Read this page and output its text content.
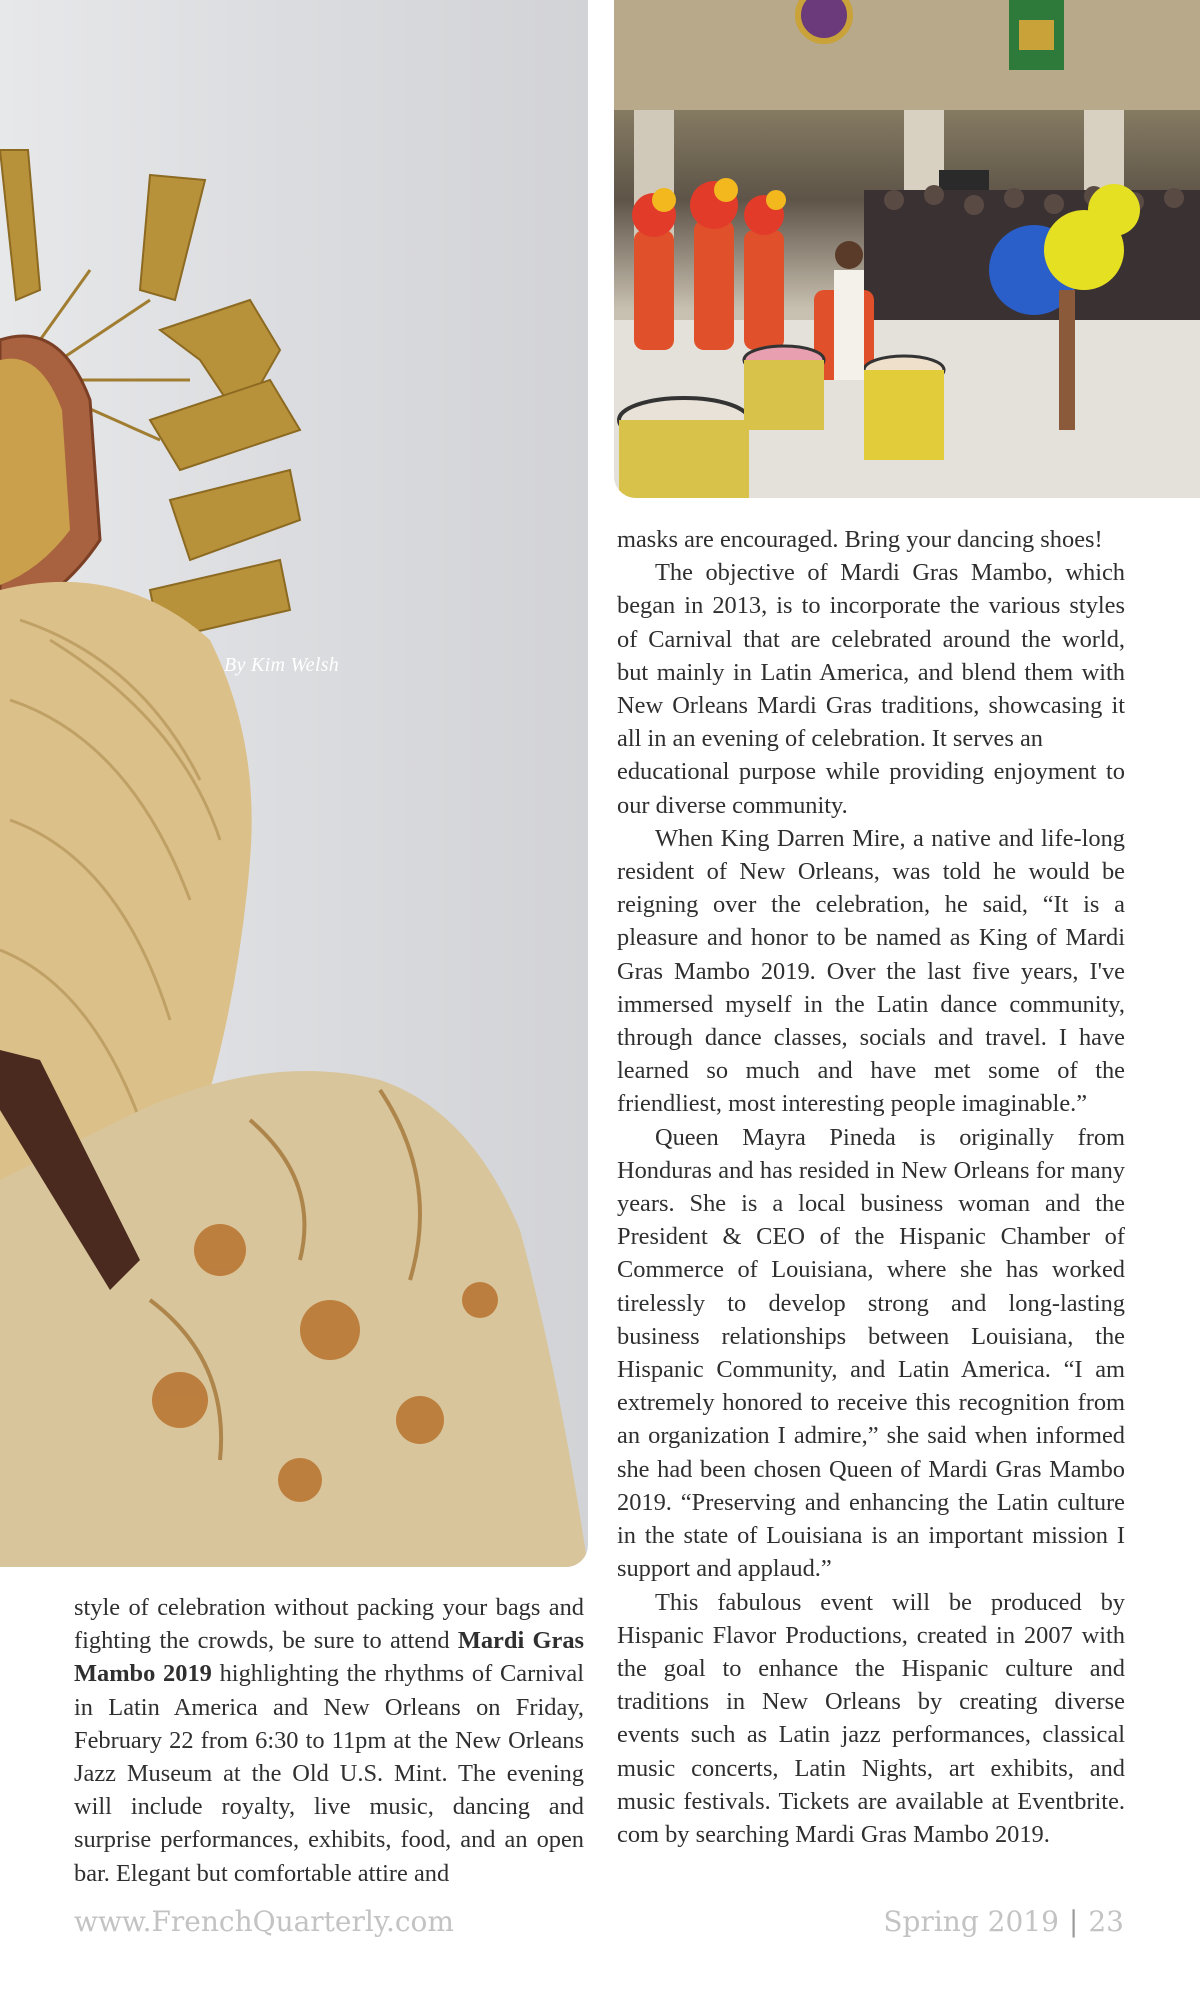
By Kim Welsh

style of celebration without packing your bags and fighting the crowds, be sure to attend Mardi Gras Mambo 2019 highlighting the rhythms of Carnival in Latin America and New Orleans on Friday, February 22 from 6:30 to 11pm at the New Orleans Jazz Museum at the Old U.S. Mint. The evening will include royalty, live music, dancing and surprise performances, exhibits, food, and an open bar. Elegant but comfortable attire and

masks are encouraged. Bring your dancing shoes!

The objective of Mardi Gras Mambo, which began in 2013, is to incorporate the various styles of Carnival that are celebrated around the world, but mainly in Latin America, and blend them with New Orleans Mardi Gras traditions, showcasing it all in an evening of celebration. It serves an

educational purpose while providing enjoyment to our diverse community.

When King Darren Mire, a native and life-long resident of New Orleans, was told he would be reigning over the celebration, he said, “It is a pleasure and honor to be named as King of Mardi Gras Mambo 2019. Over the last five years, I've immersed myself in the Latin dance community, through dance classes, socials and travel. I have learned so much and have met some of the friendliest, most interesting people imaginable.”

Queen Mayra Pineda is originally from Honduras and has resided in New Orleans for many years. She is a local business woman and the President & CEO of the Hispanic Chamber of Commerce of Louisiana, where she has worked tirelessly to develop strong and long-lasting business relationships between Louisiana, the Hispanic Community, and Latin America. “I am extremely honored to receive this recognition from an organization I admire,” she said when informed she had been chosen Queen of Mardi Gras Mambo 2019. “Preserving and enhancing the Latin culture in the state of Louisiana is an important mission I support and applaud.”

This fabulous event will be produced by Hispanic Flavor Productions, created in 2007 with the goal to enhance the Hispanic culture and traditions in New Orleans by creating diverse events such as Latin jazz performances, classical music concerts, Latin Nights, art exhibits, and music festivals. Tickets are available at Eventbrite. com by searching Mardi Gras Mambo 2019.

www.FrenchQuarterly.com	Spring 2019 | 23
